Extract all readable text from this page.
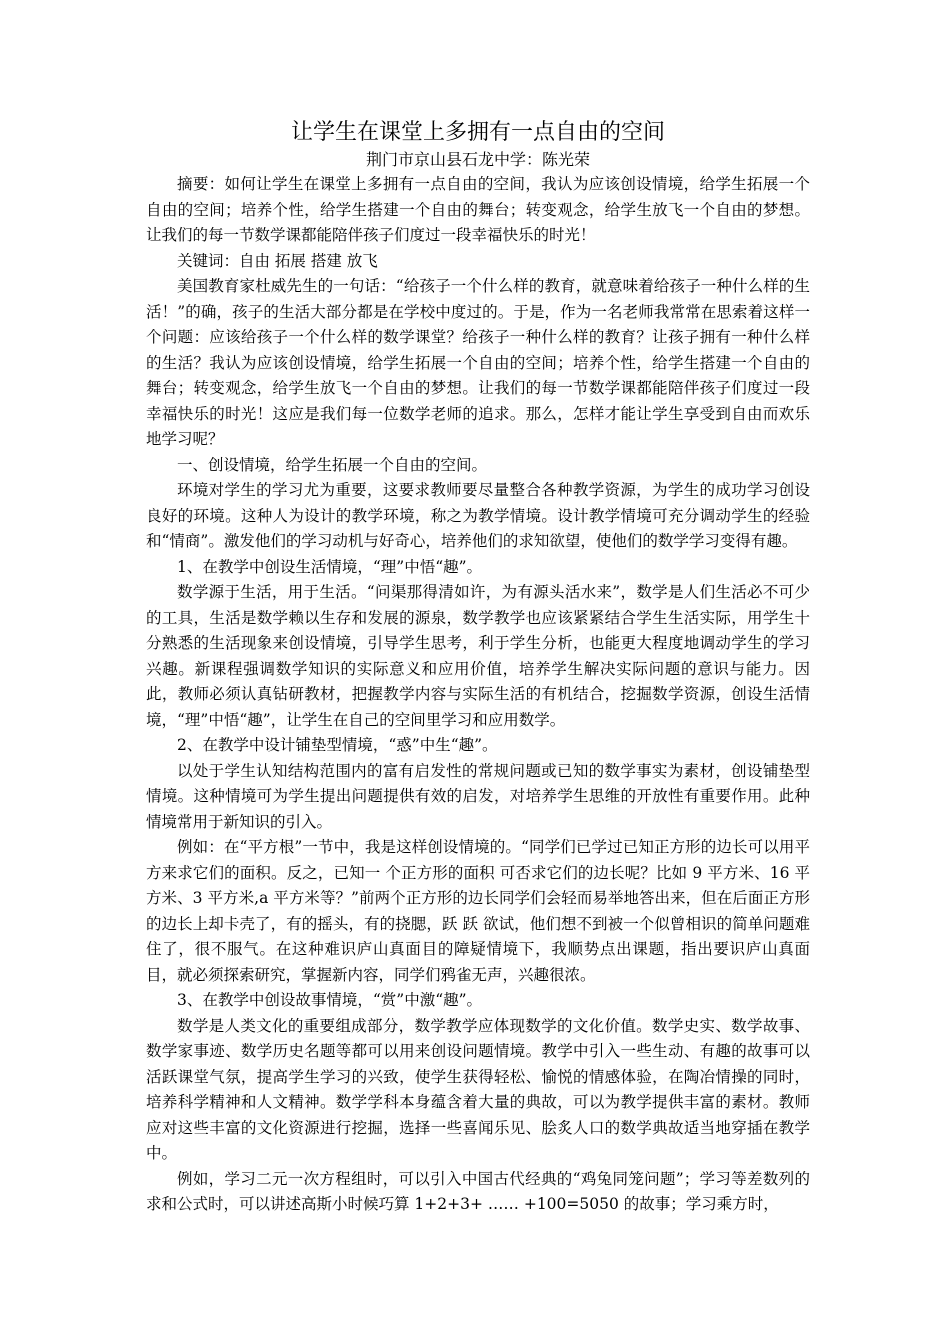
让学生在课堂上多拥有一点自由的空间

荆门市京山县石龙中学：陈光荣

摘要：如何让学生在课堂上多拥有一点自由的空间，我认为应该创设情境，给学生拓展一个自由的空间；培养个性，给学生搭建一个自由的舞台；转变观念，给学生放飞一个自由的梦想。让我们的每一节数学课都能陪伴孩子们度过一段幸福快乐的时光！

关键词：自由 拓展 搭建 放飞

美国教育家杜威先生的一句话：“给孩子一个什么样的教育，就意味着给孩子一种什么样的生活！”的确，孩子的生活大部分都是在学校中度过的。于是，作为一名老师我常常在思索着这样一个问题：应该给孩子一个什么样的数学课堂？给孩子一种什么样的教育？让孩子拥有一种什么样的生活？我认为应该创设情境，给学生拓展一个自由的空间；培养个性，给学生搭建一个自由的舞台；转变观念，给学生放飞一个自由的梦想。让我们的每一节数学课都能陪伴孩子们度过一段幸福快乐的时光！这应是我们每一位数学老师的追求。那么，怎样才能让学生享受到自由而欢乐地学习呢？

一、创设情境，给学生拓展一个自由的空间。

环境对学生的学习尤为重要，这要求教师要尽量整合各种教学资源，为学生的成功学习创设良好的环境。这种人为设计的教学环境，称之为教学情境。设计教学情境可充分调动学生的经验和“情商”。激发他们的学习动机与好奇心，培养他们的求知欲望，使他们的数学学习变得有趣。

1、在教学中创设生活情境，“理”中悟“趣”。

数学源于生活，用于生活。“问渠那得清如许，为有源头活水来”，数学是人们生活必不可少的工具，生活是数学赖以生存和发展的源泉，数学教学也应该紧紧结合学生生活实际，用学生十分熟悉的生活现象来创设情境，引导学生思考，利于学生分析，也能更大程度地调动学生的学习兴趣。新课程强调数学知识的实际意义和应用价值，培养学生解决实际问题的意识与能力。因此，教师必须认真钻研教材，把握教学内容与实际生活的有机结合，挖掘数学资源，创设生活情境，“理”中悟“趣”，让学生在自己的空间里学习和应用数学。

2、在教学中设计铺垫型情境，“惑”中生“趣”。

以处于学生认知结构范围内的富有启发性的常规问题或已知的数学事实为素材，创设铺垫型情境。这种情境可为学生提出问题提供有效的启发，对培养学生思维的开放性有重要作用。此种情境常用于新知识的引入。

例如：在“平方根”一节中，我是这样创设情境的。“同学们已学过已知正方形的边长可以用平方来求它们的面积。反之，已知一 个正方形的面积 可否求它们的边长呢？比如 9 平方米、16 平方米、3 平方米,a 平方米等？”前两个正方形的边长同学们会轻而易举地答出来，但在后面正方形的边长上却卡壳了，有的摇头，有的挠腮，跃 跃 欲试，他们想不到被一个似曾相识的简单问题难住了，很不服气。在这种难识庐山真面目的障疑情境下，我顺势点出课题，指出要识庐山真面目，就必须探索研究，掌握新内容，同学们鸦雀无声，兴趣很浓。

3、在教学中创设故事情境，“赏”中激“趣”。

数学是人类文化的重要组成部分，数学教学应体现数学的文化价值。数学史实、数学故事、数学家事迹、数学历史名题等都可以用来创设问题情境。教学中引入一些生动、有趣的故事可以活跃课堂气氛，提高学生学习的兴致，使学生获得轻松、愉悦的情感体验，在陶冶情操的同时，培养科学精神和人文精神。数学学科本身蕴含着大量的典故，可以为教学提供丰富的素材。教师应对这些丰富的文化资源进行挖掘，选择一些喜闻乐见、脍炙人口的数学典故适当地穿插在教学中。

例如，学习二元一次方程组时，可以引入中国古代经典的“鸡兔同笼问题”；学习等差数列的求和公式时，可以讲述高斯小时候巧算 1+2+3+ …… +100=5050 的故事；学习乘方时，
